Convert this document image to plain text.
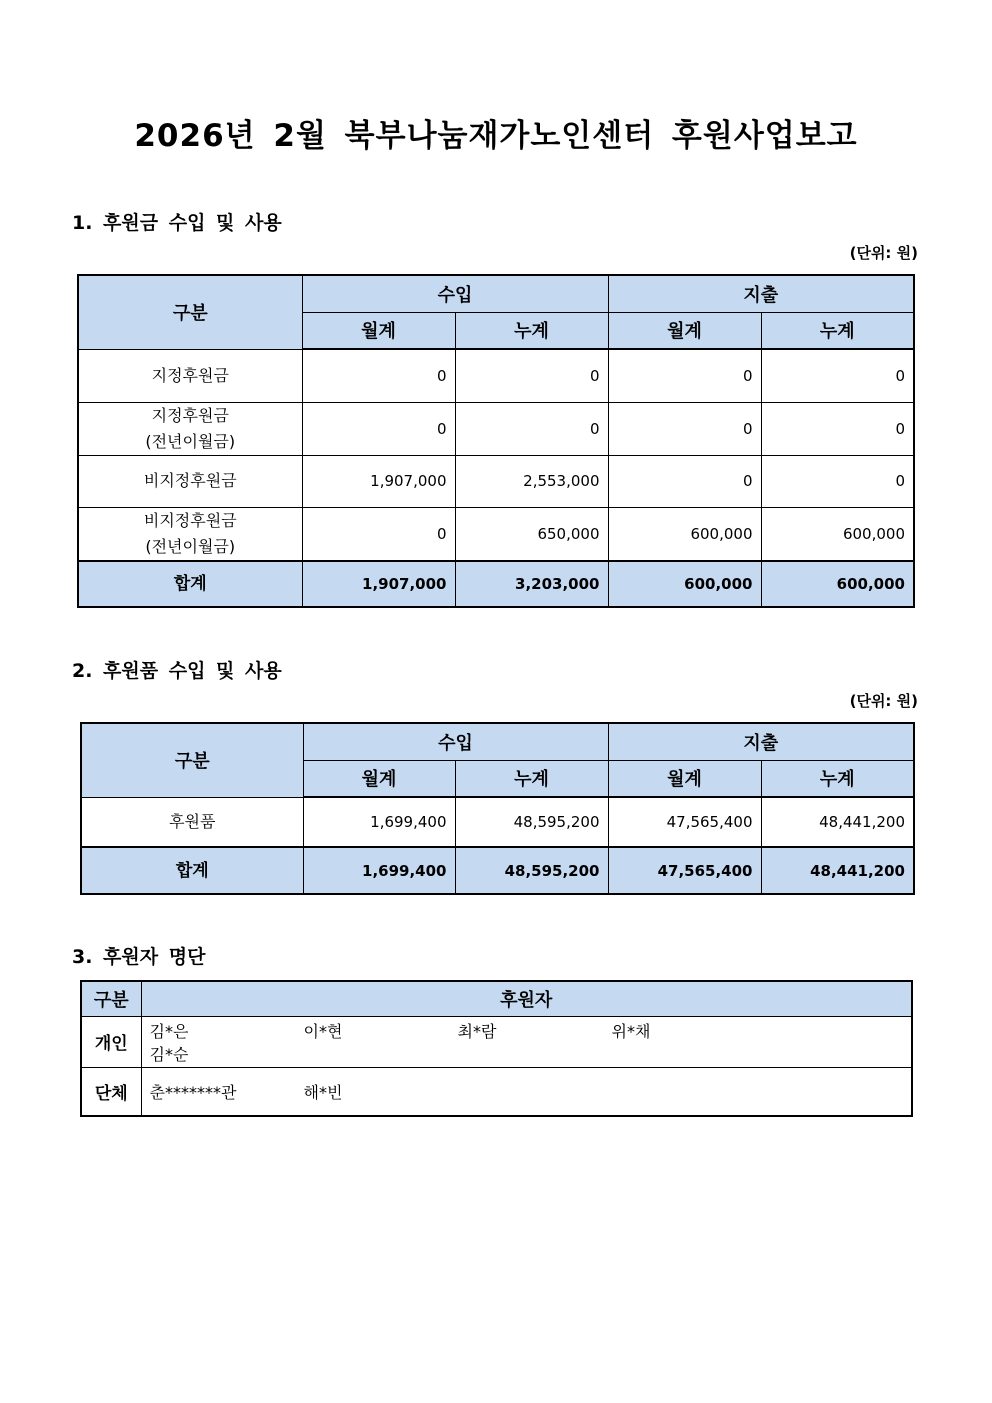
2026년 2월 북부나눔재가노인센터 후원사업보고
1. 후원금 수입 및 사용
(단위: 원)
구분	수입		지출	
	월계	누계	월계	누계
지정후원금	0	0	0	0
지정후원금
(전년이월금)	0	0	0	0
비지정후원금	1,907,000	2,553,000	0	0
비지정후원금
(전년이월금)	0	650,000	600,000	600,000
합계	1,907,000	3,203,000	600,000	600,000
2. 후원품 수입 및 사용
(단위: 원)
구분	수입		지출	
	월계	누계	월계	누계
후원품	1,699,400	48,595,200	47,565,400	48,441,200
합계	1,699,400	48,595,200	47,565,400	48,441,200
3. 후원자 명단
구분	후원자
개인	김*은 이*현 최*람 위*채김*순
단체	춘*******관 해*빈
